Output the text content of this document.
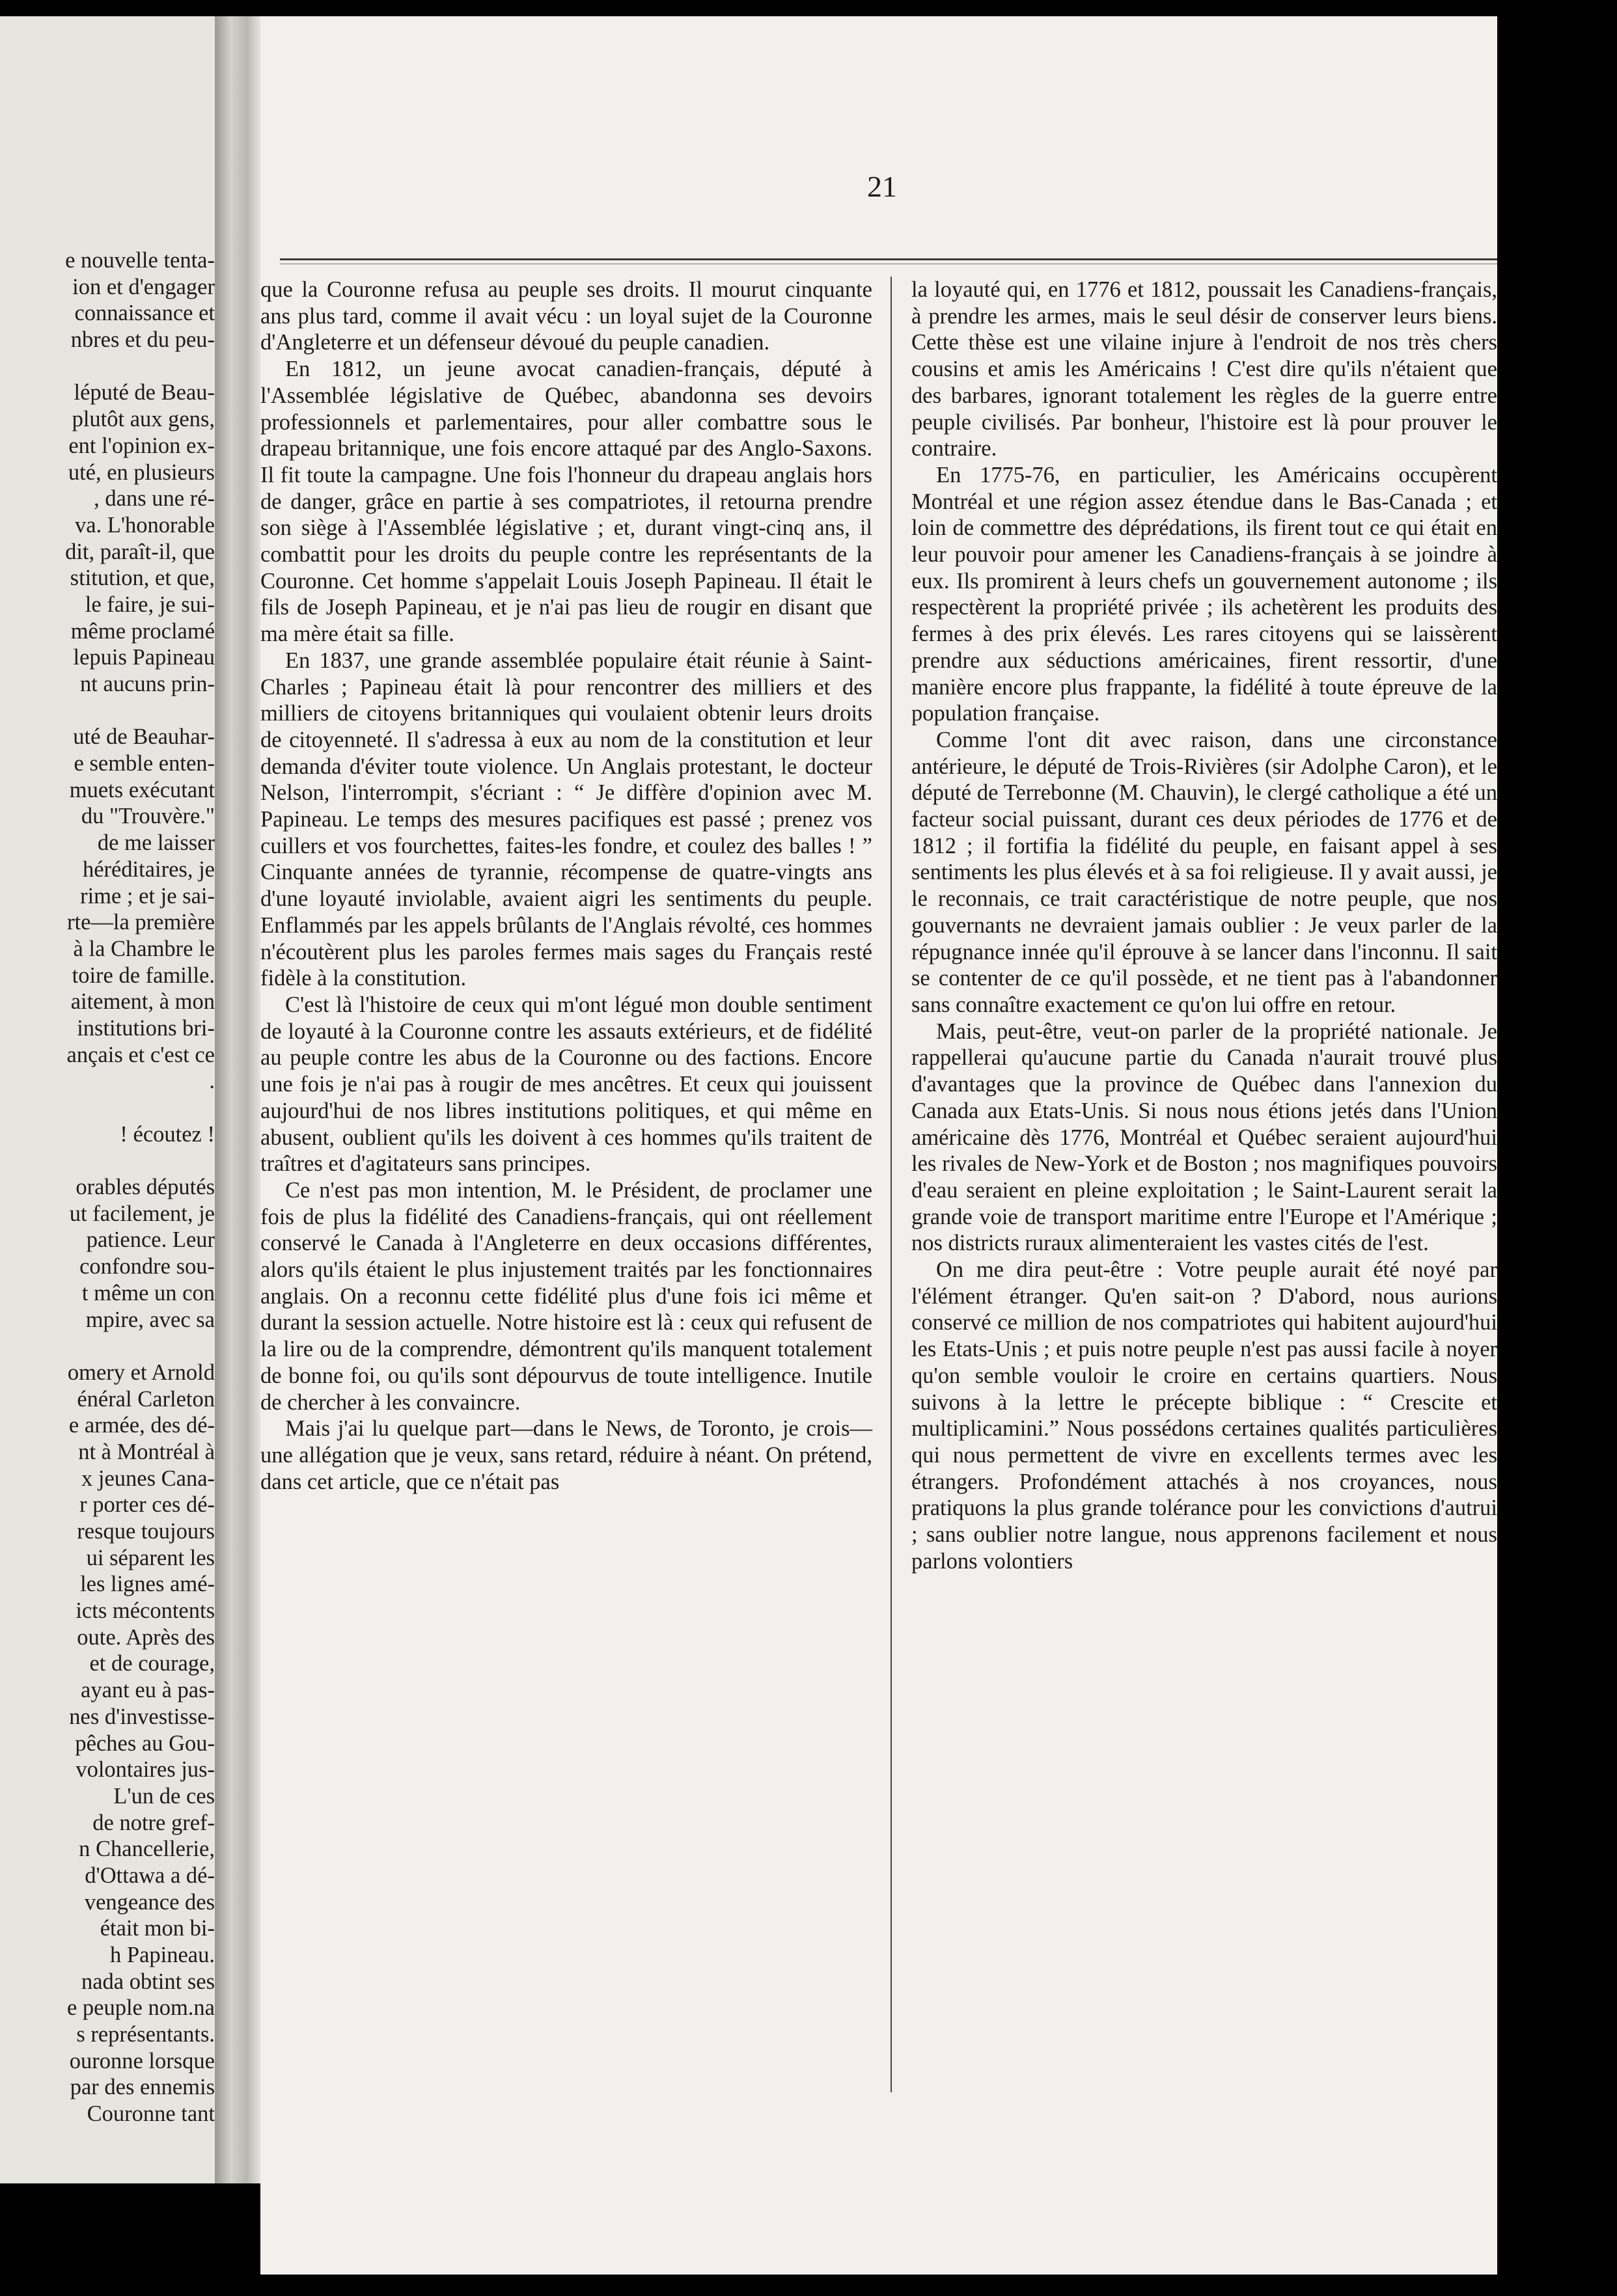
e nouvelle tenta-
ion et d'engager
connaissance et
nbres et du peu-
léputé de Beau-
plutôt aux gens,
ent l'opinion ex-
uté, en plusieurs
, dans une ré-
va. L'honorable
dit, paraît-il, que
stitution, et que,
le faire, je sui-
même proclamé
lepuis Papineau
nt aucuns prin-
uté de Beauhar-
e semble enten-
muets exécutant
du "Trouvère."
de me laisser
héréditaires, je
rime ; et je sai-
rte—la première
à la Chambre le
toire de famille.
aitement, à mon
institutions bri-
ançais et c'est ce
.
! écoutez !
orables députés
ut facilement, je
patience. Leur
confondre sou-
t même un con
mpire, avec sa
omery et Arnold
énéral Carleton
e armée, des dé-
nt à Montréal à
x jeunes Cana-
r porter ces dé-
resque toujours
ui séparent les
les lignes amé-
icts mécontents
oute. Après des
et de courage,
ayant eu à pas-
nes d'investisse-
pêches au Gou-
volontaires jus-
L'un de ces
de notre gref-
n Chancellerie,
d'Ottawa a dé-
vengeance des
était mon bi-
h Papineau.
nada obtint ses
e peuple nom.na
s représentants.
ouronne lorsque
par des ennemis
Couronne tant
21

que la Couronne refusa au peuple ses droits. Il mourut cinquante ans plus tard, comme il avait vécu : un loyal sujet de la Couronne d'Angleterre et un défenseur dévoué du peuple canadien.

En 1812, un jeune avocat canadien-français, député à l'Assemblée législative de Québec, abandonna ses devoirs professionnels et parlementaires, pour aller combattre sous le drapeau britannique, une fois encore attaqué par des Anglo-Saxons. Il fit toute la campagne. Une fois l'honneur du drapeau anglais hors de danger, grâce en partie à ses compatriotes, il retourna prendre son siège à l'Assemblée législative ; et, durant vingt-cinq ans, il combattit pour les droits du peuple contre les représentants de la Couronne. Cet homme s'appelait Louis Joseph Papineau. Il était le fils de Joseph Papineau, et je n'ai pas lieu de rougir en disant que ma mère était sa fille.

En 1837, une grande assemblée populaire était réunie à Saint-Charles ; Papineau était là pour rencontrer des milliers et des milliers de citoyens britanniques qui voulaient obtenir leurs droits de citoyenneté. Il s'adressa à eux au nom de la constitution et leur demanda d'éviter toute violence. Un Anglais protestant, le docteur Nelson, l'interrompit, s'écriant : “ Je diffère d'opinion avec M. Papineau. Le temps des mesures pacifiques est passé ; prenez vos cuillers et vos fourchettes, faites-les fondre, et coulez des balles ! ” Cinquante années de tyrannie, récompense de quatre-vingts ans d'une loyauté inviolable, avaient aigri les sentiments du peuple. Enflammés par les appels brûlants de l'Anglais révolté, ces hommes n'écoutèrent plus les paroles fermes mais sages du Français resté fidèle à la constitution.

C'est là l'histoire de ceux qui m'ont légué mon double sentiment de loyauté à la Couronne contre les assauts extérieurs, et de fidélité au peuple contre les abus de la Couronne ou des factions. Encore une fois je n'ai pas à rougir de mes ancêtres. Et ceux qui jouissent aujourd'hui de nos libres institutions politiques, et qui même en abusent, oublient qu'ils les doivent à ces hommes qu'ils traitent de traîtres et d'agitateurs sans principes.

Ce n'est pas mon intention, M. le Président, de proclamer une fois de plus la fidélité des Canadiens-français, qui ont réellement conservé le Canada à l'Angleterre en deux occasions différentes, alors qu'ils étaient le plus injustement traités par les fonctionnaires anglais. On a reconnu cette fidélité plus d'une fois ici même et durant la session actuelle. Notre histoire est là : ceux qui refusent de la lire ou de la comprendre, démontrent qu'ils manquent totalement de bonne foi, ou qu'ils sont dépourvus de toute intelligence. Inutile de chercher à les convaincre.

Mais j'ai lu quelque part—dans le News, de Toronto, je crois—une allégation que je veux, sans retard, réduire à néant. On prétend, dans cet article, que ce n'était pas

la loyauté qui, en 1776 et 1812, poussait les Canadiens-français, à prendre les armes, mais le seul désir de conserver leurs biens. Cette thèse est une vilaine injure à l'endroit de nos très chers cousins et amis les Américains ! C'est dire qu'ils n'étaient que des barbares, ignorant totalement les règles de la guerre entre peuple civilisés. Par bonheur, l'histoire est là pour prouver le contraire.

En 1775-76, en particulier, les Américains occupèrent Montréal et une région assez étendue dans le Bas-Canada ; et loin de commettre des déprédations, ils firent tout ce qui était en leur pouvoir pour amener les Canadiens-français à se joindre à eux. Ils promirent à leurs chefs un gouvernement autonome ; ils respectèrent la propriété privée ; ils achetèrent les produits des fermes à des prix élevés. Les rares citoyens qui se laissèrent prendre aux séductions américaines, firent ressortir, d'une manière encore plus frappante, la fidélité à toute épreuve de la population française.

Comme l'ont dit avec raison, dans une circonstance antérieure, le député de Trois-Rivières (sir Adolphe Caron), et le député de Terrebonne (M. Chauvin), le clergé catholique a été un facteur social puissant, durant ces deux périodes de 1776 et de 1812 ; il fortifia la fidélité du peuple, en faisant appel à ses sentiments les plus élevés et à sa foi religieuse. Il y avait aussi, je le reconnais, ce trait caractéristique de notre peuple, que nos gouvernants ne devraient jamais oublier : Je veux parler de la répugnance innée qu'il éprouve à se lancer dans l'inconnu. Il sait se contenter de ce qu'il possède, et ne tient pas à l'abandonner sans connaître exactement ce qu'on lui offre en retour.

Mais, peut-être, veut-on parler de la propriété nationale. Je rappellerai qu'aucune partie du Canada n'aurait trouvé plus d'avantages que la province de Québec dans l'annexion du Canada aux Etats-Unis. Si nous nous étions jetés dans l'Union américaine dès 1776, Montréal et Québec seraient aujourd'hui les rivales de New-York et de Boston ; nos magnifiques pouvoirs d'eau seraient en pleine exploitation ; le Saint-Laurent serait la grande voie de transport maritime entre l'Europe et l'Amérique ; nos districts ruraux alimenteraient les vastes cités de l'est.

On me dira peut-être : Votre peuple aurait été noyé par l'élément étranger. Qu'en sait-on ? D'abord, nous aurions conservé ce million de nos compatriotes qui habitent aujourd'hui les Etats-Unis ; et puis notre peuple n'est pas aussi facile à noyer qu'on semble vouloir le croire en certains quartiers. Nous suivons à la lettre le précepte biblique : “ Crescite et multiplicamini.” Nous possédons certaines qualités particulières qui nous permettent de vivre en excellents termes avec les étrangers. Profondément attachés à nos croyances, nous pratiquons la plus grande tolérance pour les convictions d'autrui ; sans oublier notre langue, nous apprenons facilement et nous parlons volontiers
